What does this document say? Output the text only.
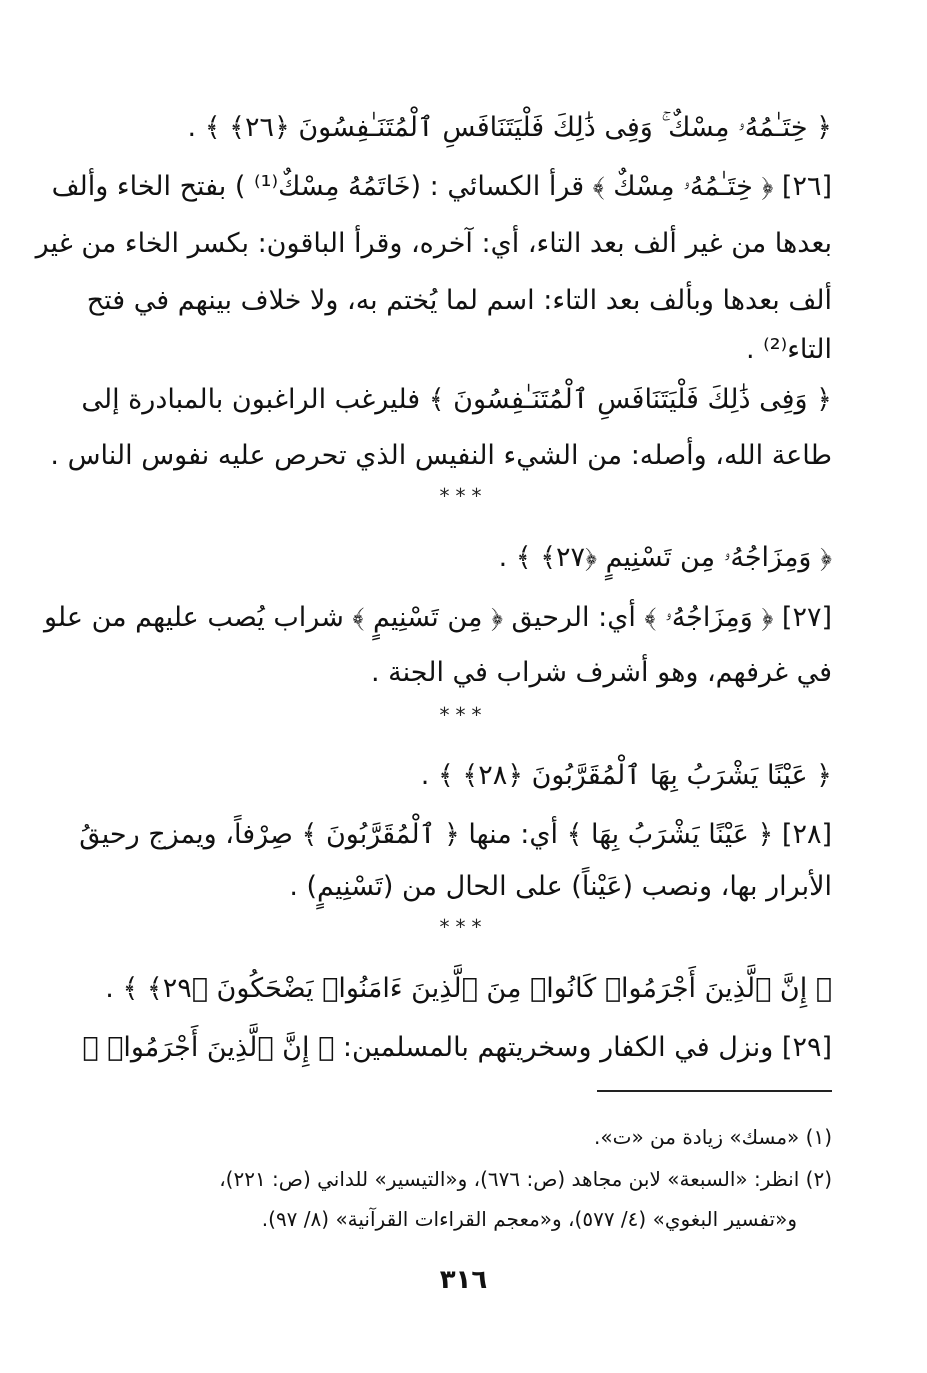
﴿ خِتَـٰمُهُۥ مِسْكٌ ۚ وَفِى ذَٰلِكَ فَلْيَتَنَافَسِ ٱلْمُتَنَـٰفِسُونَ ﴿٢٦﴾ ﴾ .
[٢٦] ﴿ خِتَـٰمُهُۥ مِسْكٌ ﴾ قرأ الكسائي : (خَاتَمُهُ مِسْكٌ⁽¹⁾ ) بفتح الخاء وألف
بعدها من غير ألف بعد التاء، أي: آخره، وقرأ الباقون: بكسر الخاء من غير
ألف بعدها وبألف بعد التاء: اسم لما يُختم به، ولا خلاف بينهم في فتح
التاء⁽²⁾ .
﴿ وَفِى ذَٰلِكَ فَلْيَتَنَافَسِ ٱلْمُتَنَـٰفِسُونَ ﴾ فليرغب الراغبون بالمبادرة إلى
طاعة الله، وأصله: من الشيء النفيس الذي تحرص عليه نفوس الناس .
***
﴿ وَمِزَاجُهُۥ مِن تَسْنِيمٍ ﴿٢٧﴾ ﴾ .
[٢٧] ﴿ وَمِزَاجُهُۥ ﴾ أي: الرحيق ﴿ مِن تَسْنِيمٍ ﴾ شراب يُصب عليهم من علو
في غرفهم، وهو أشرف شراب في الجنة .
***
﴿ عَيْنًا يَشْرَبُ بِهَا ٱلْمُقَرَّبُونَ ﴿٢٨﴾ ﴾ .
[٢٨] ﴿ عَيْنًا يَشْرَبُ بِهَا ﴾ أي: منها ﴿ ٱلْمُقَرَّبُونَ ﴾ صِرْفاً، ويمزج رحيقُ
الأبرار بها، ونصب (عَيْناً) على الحال من (تَسْنِيمٍ) .
***
﴿ إِنَّ ٱلَّذِينَ أَجْرَمُوا۟ كَانُوا۟ مِنَ ٱلَّذِينَ ءَامَنُوا۟ يَضْحَكُونَ ﴿٢٩﴾ ﴾ .
[٢٩] ونزل في الكفار وسخريتهم بالمسلمين: ﴿ إِنَّ ٱلَّذِينَ أَجْرَمُوا۟ ﴾
(١) «مسك» زيادة من «ت».
(٢) انظر: «السبعة» لابن مجاهد (ص: ٦٧٦)، و«التيسير» للداني (ص: ٢٢١)،
و«تفسير البغوي» (٤/ ٥٧٧)، و«معجم القراءات القرآنية» (٨/ ٩٧).
٣١٦
